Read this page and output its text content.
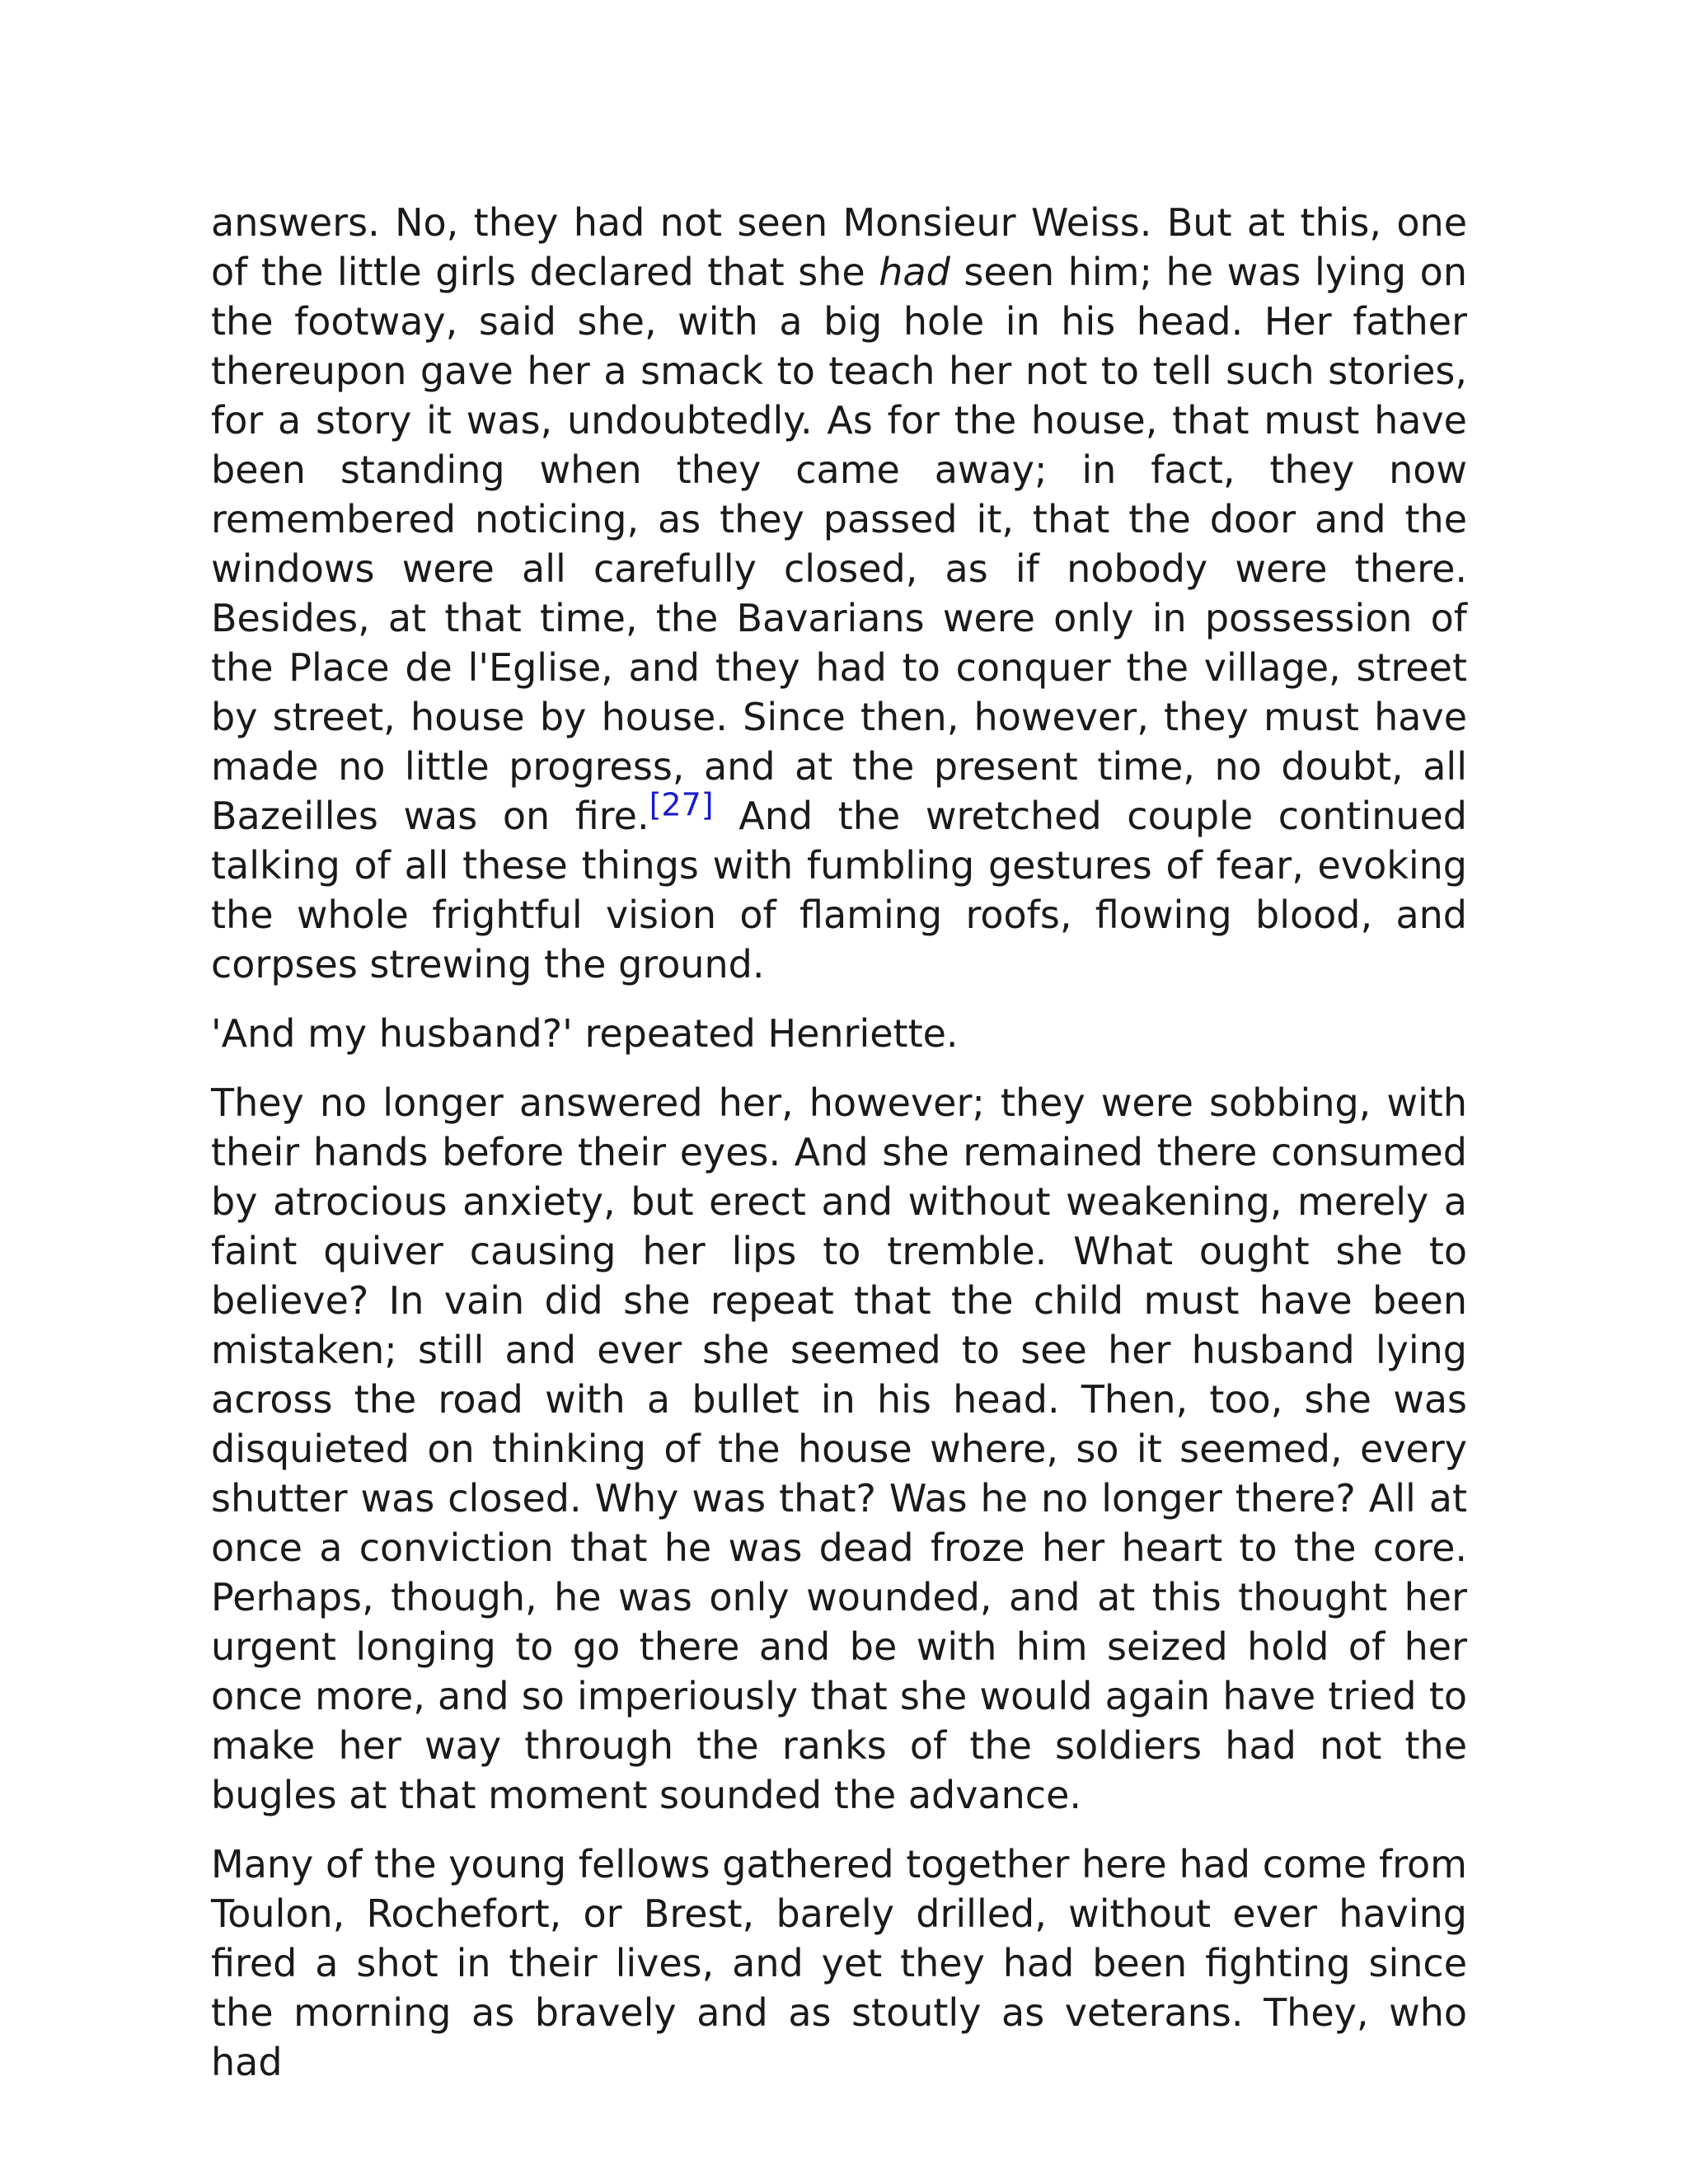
answers. No, they had not seen Monsieur Weiss. But at this, one of the little girls declared that she had seen him; he was lying on the footway, said she, with a big hole in his head. Her father thereupon gave her a smack to teach her not to tell such stories, for a story it was, undoubtedly. As for the house, that must have been standing when they came away; in fact, they now remembered noticing, as they passed it, that the door and the windows were all carefully closed, as if nobody were there. Besides, at that time, the Bavarians were only in possession of the Place de l'Eglise, and they had to conquer the village, street by street, house by house. Since then, however, they must have made no little progress, and at the present time, no doubt, all Bazeilles was on fire.[27] And the wretched couple continued talking of all these things with fumbling gestures of fear, evoking the whole frightful vision of flaming roofs, flowing blood, and corpses strewing the ground.

'And my husband?' repeated Henriette.

They no longer answered her, however; they were sobbing, with their hands before their eyes. And she remained there consumed by atrocious anxiety, but erect and without weakening, merely a faint quiver causing her lips to tremble. What ought she to believe? In vain did she repeat that the child must have been mistaken; still and ever she seemed to see her husband lying across the road with a bullet in his head. Then, too, she was disquieted on thinking of the house where, so it seemed, every shutter was closed. Why was that? Was he no longer there? All at once a conviction that he was dead froze her heart to the core. Perhaps, though, he was only wounded, and at this thought her urgent longing to go there and be with him seized hold of her once more, and so imperiously that she would again have tried to make her way through the ranks of the soldiers had not the bugles at that moment sounded the advance.

Many of the young fellows gathered together here had come from Toulon, Rochefort, or Brest, barely drilled, without ever having fired a shot in their lives, and yet they had been fighting since the morning as bravely and as stoutly as veterans. They, who had
